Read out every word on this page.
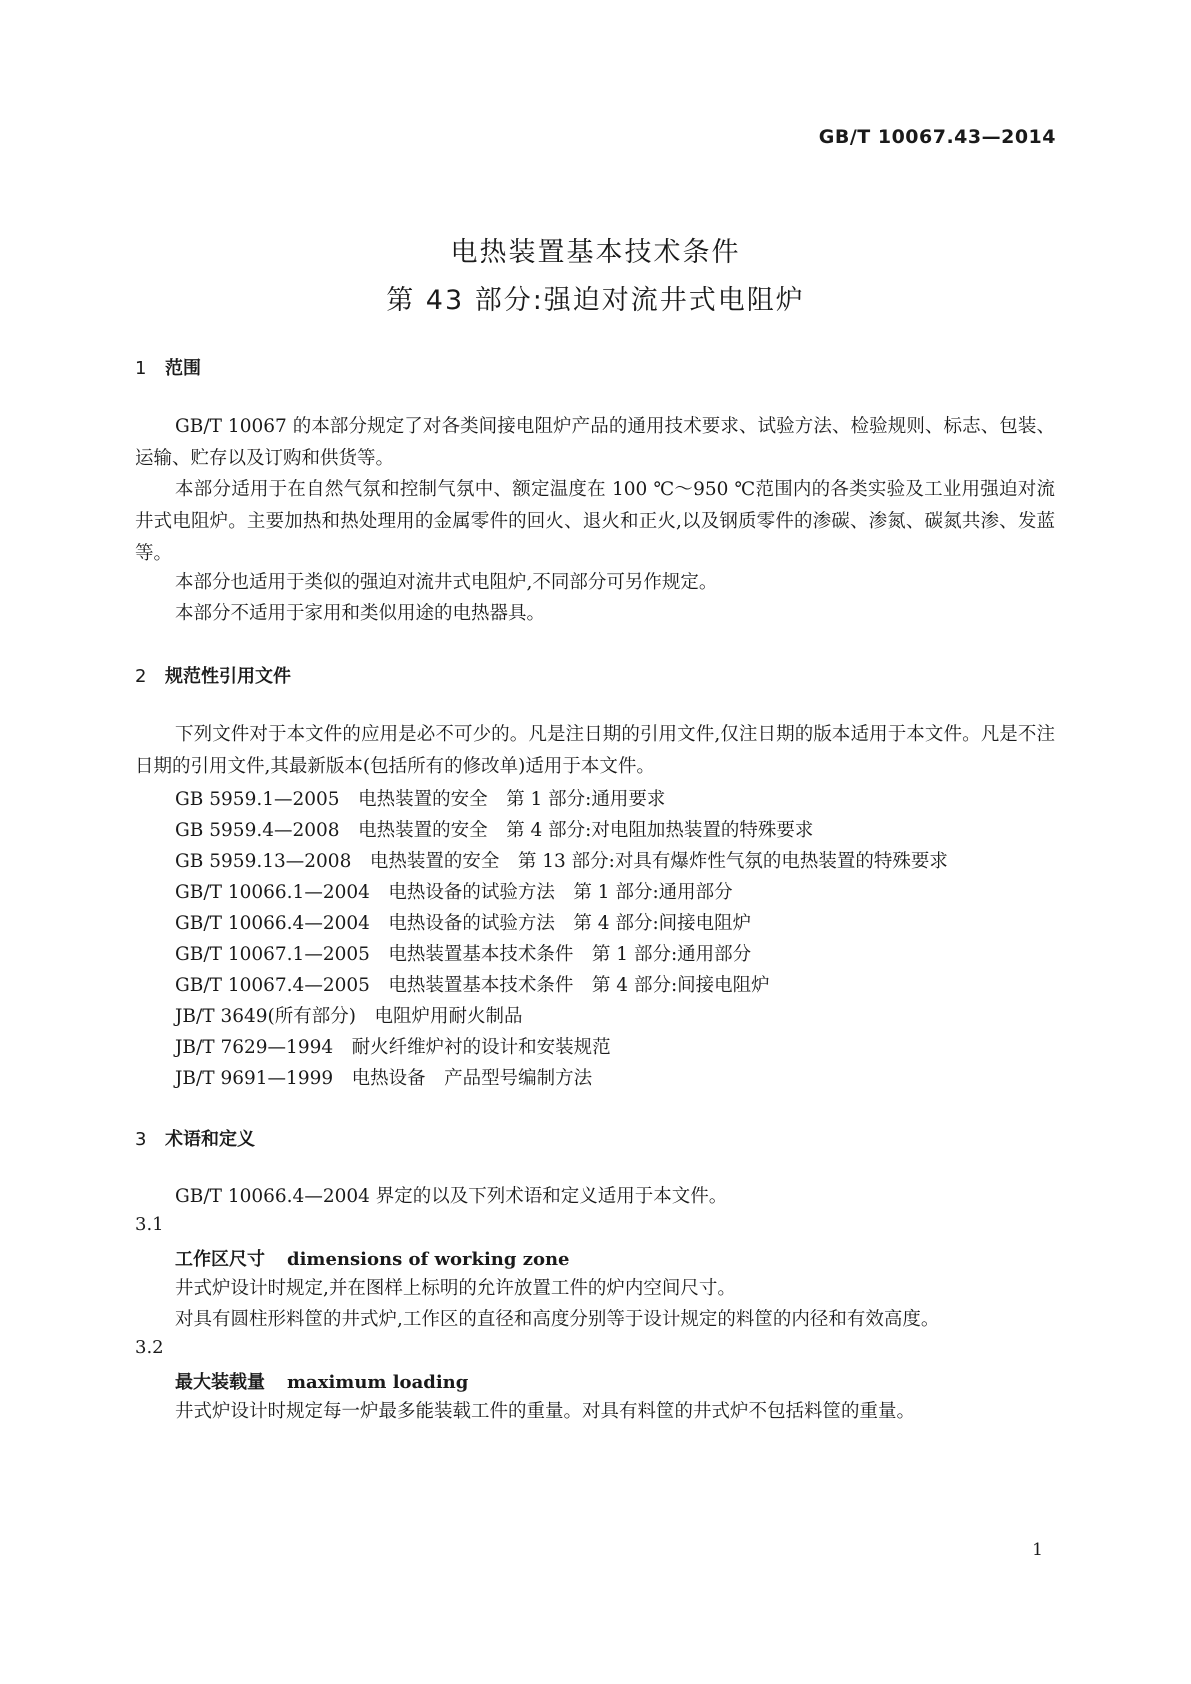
GB/T 10067.43—2014
电热装置基本技术条件
第 43 部分:强迫对流井式电阻炉
1 范围

GB/T 10067 的本部分规定了对各类间接电阻炉产品的通用技术要求、试验方法、检验规则、标志、包装、运输、贮存以及订购和供货等。

本部分适用于在自然气氛和控制气氛中、额定温度在 100 ℃～950 ℃范围内的各类实验及工业用强迫对流井式电阻炉。主要加热和热处理用的金属零件的回火、退火和正火,以及钢质零件的渗碳、渗氮、碳氮共渗、发蓝等。

本部分也适用于类似的强迫对流井式电阻炉,不同部分可另作规定。

本部分不适用于家用和类似用途的电热器具。

2 规范性引用文件

下列文件对于本文件的应用是必不可少的。凡是注日期的引用文件,仅注日期的版本适用于本文件。凡是不注日期的引用文件,其最新版本(包括所有的修改单)适用于本文件。

GB 5959.1—2005　电热装置的安全　第 1 部分:通用要求
GB 5959.4—2008　电热装置的安全　第 4 部分:对电阻加热装置的特殊要求
GB 5959.13—2008　电热装置的安全　第 13 部分:对具有爆炸性气氛的电热装置的特殊要求
GB/T 10066.1—2004　电热设备的试验方法　第 1 部分:通用部分
GB/T 10066.4—2004　电热设备的试验方法　第 4 部分:间接电阻炉
GB/T 10067.1—2005　电热装置基本技术条件　第 1 部分:通用部分
GB/T 10067.4—2005　电热装置基本技术条件　第 4 部分:间接电阻炉
JB/T 3649(所有部分)　电阻炉用耐火制品
JB/T 7629—1994　耐火纤维炉衬的设计和安装规范
JB/T 9691—1999　电热设备　产品型号编制方法
3 术语和定义
GB/T 10066.4—2004 界定的以及下列术语和定义适用于本文件。
3.1
工作区尺寸 dimensions of working zone
井式炉设计时规定,并在图样上标明的允许放置工件的炉内空间尺寸。
对具有圆柱形料筐的井式炉,工作区的直径和高度分别等于设计规定的料筐的内径和有效高度。
3.2
最大装载量 maximum loading
井式炉设计时规定每一炉最多能装载工件的重量。对具有料筐的井式炉不包括料筐的重量。
1
